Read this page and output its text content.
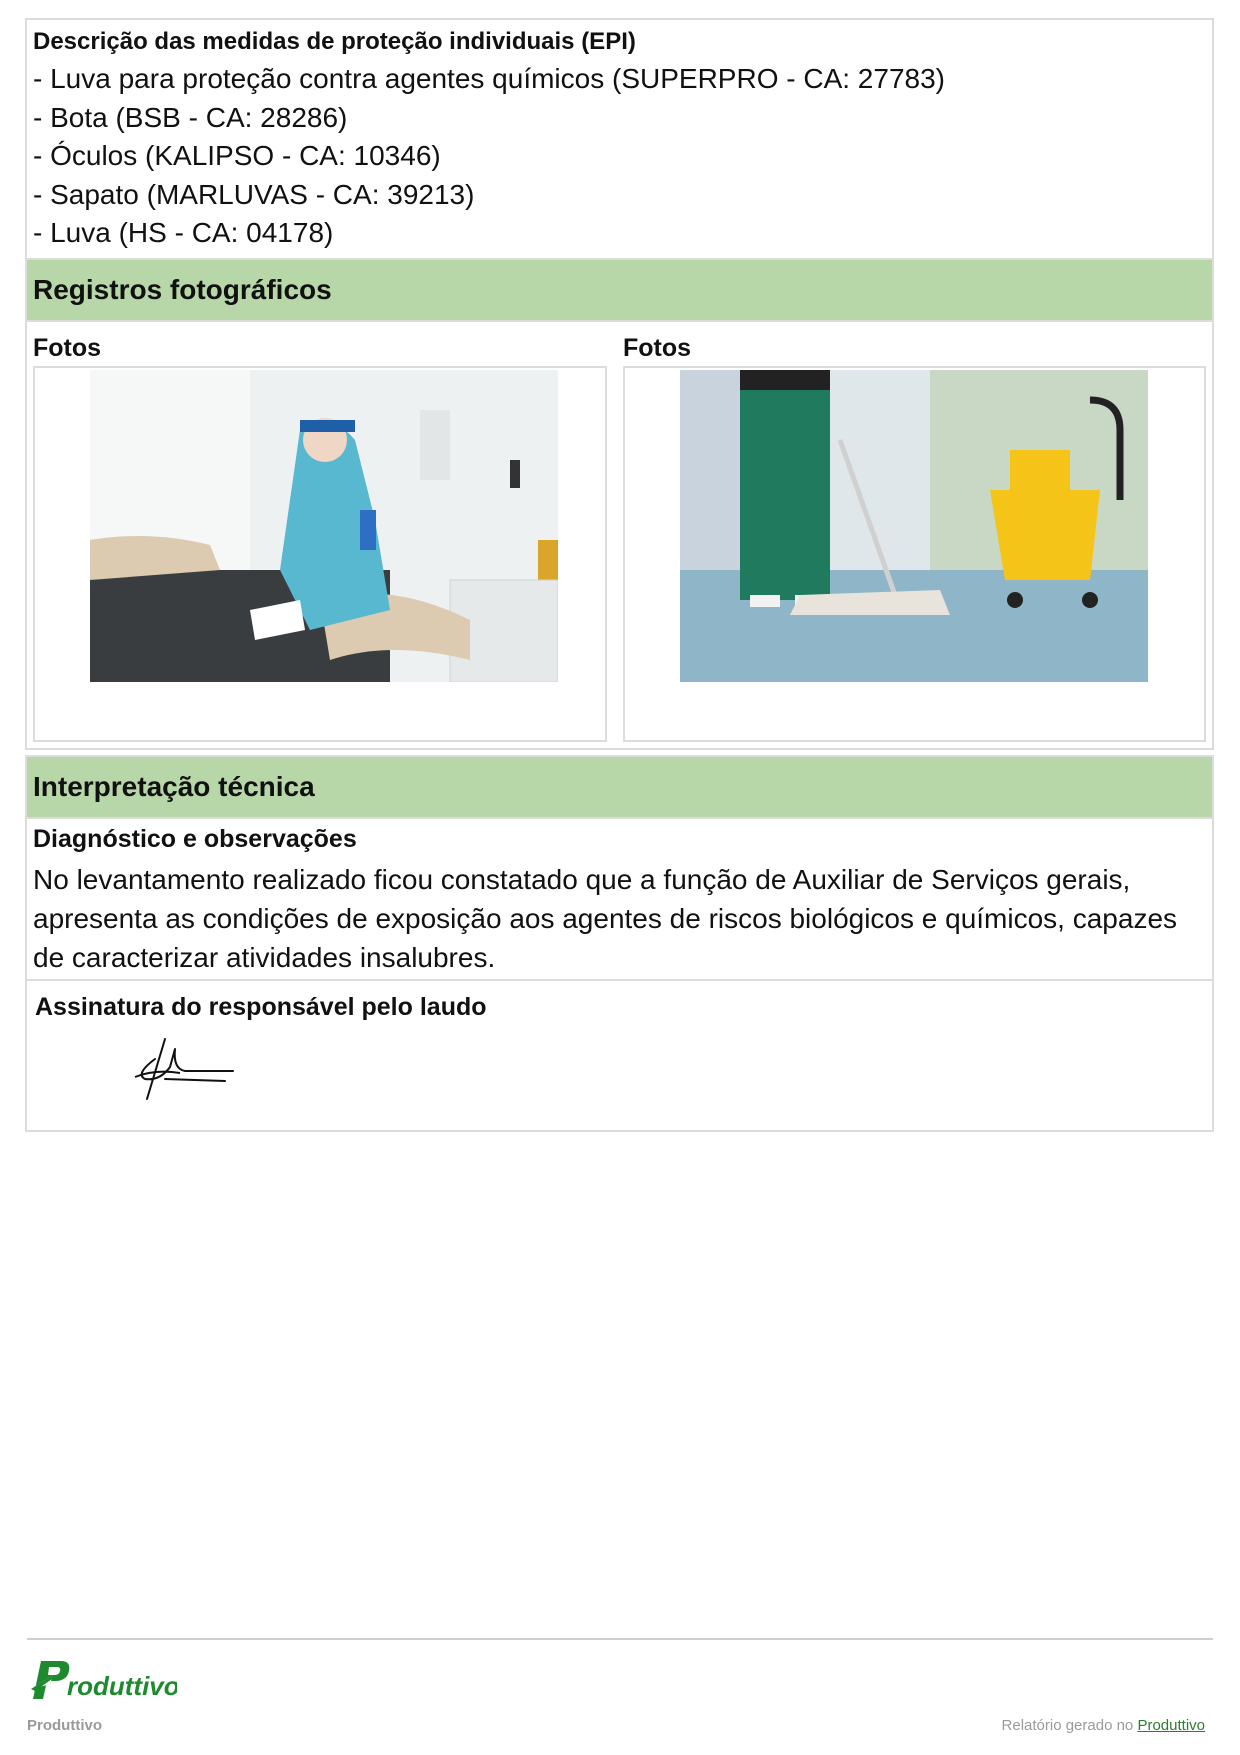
Descrição das medidas de proteção individuais (EPI)
- Luva para proteção contra agentes químicos (SUPERPRO - CA: 27783)
- Bota (BSB - CA: 28286)
- Óculos (KALIPSO - CA: 10346)
- Sapato (MARLUVAS - CA: 39213)
- Luva (HS - CA: 04178)
Registros fotográficos
Fotos	Fotos
Interpretação técnica
Diagnóstico e observações
No levantamento realizado ficou constatado que a função de Auxiliar de Serviços gerais, apresenta as condições de exposição aos agentes de riscos biológicos e químicos, capazes de caracterizar atividades insalubres.
Assinatura do responsável pelo laudo
roduttivo
Produttivo	Relatório gerado no Produttivo
